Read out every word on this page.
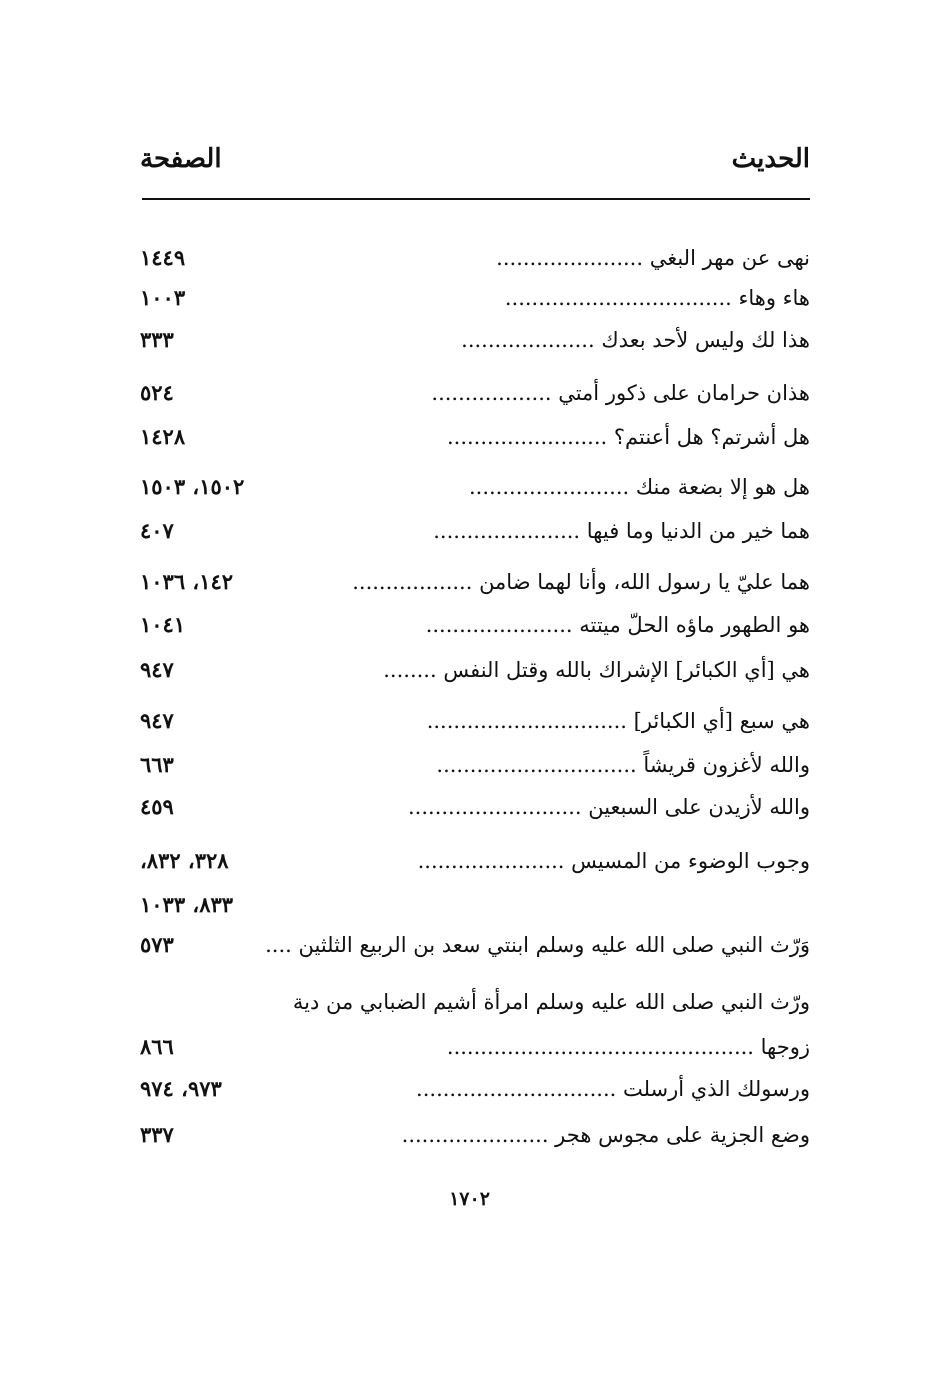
الحديث
الصفحة
نهى عن مهر البغي ......................
١٤٤٩
هاء وهاء ..................................
١٠٠٣
هذا لك وليس لأحد بعدك ....................
٣٣٣
هذان حرامان على ذكور أمتي ..................
٥٢٤
هل أشرتم؟ هل أعنتم؟ ........................
١٤٢٨
هل هو إلا بضعة منك ........................
١٥٠٢، ١٥٠٣
هما خير من الدنيا وما فيها ......................
٤٠٧
هما عليّ يا رسول الله، وأنا لهما ضامن ..................
١٤٢، ١٠٣٦
هو الطهور ماؤه الحلّ ميتته ......................
١٠٤١
هي [أي الكبائر] الإشراك بالله وقتل النفس ........
٩٤٧
هي سبع [أي الكبائر] ..............................
٩٤٧
والله لأغزون قريشاً ..............................
٦٦٣
والله لأزيدن على السبعين ..........................
٤٥٩
وجوب الوضوء من المسيس ......................
٣٢٨، ٨٣٢،
٨٣٣، ١٠٣٣
وَرّث النبي صلى الله عليه وسلم ابنتي سعد بن الربيع الثلثين ....
٥٧٣
ورّث النبي صلى الله عليه وسلم امرأة أشيم الضبابي من دية
زوجها ..............................................
٨٦٦
ورسولك الذي أرسلت ..............................
٩٧٣، ٩٧٤
وضع الجزية على مجوس هجر ......................
٣٣٧
١٧٠٢
